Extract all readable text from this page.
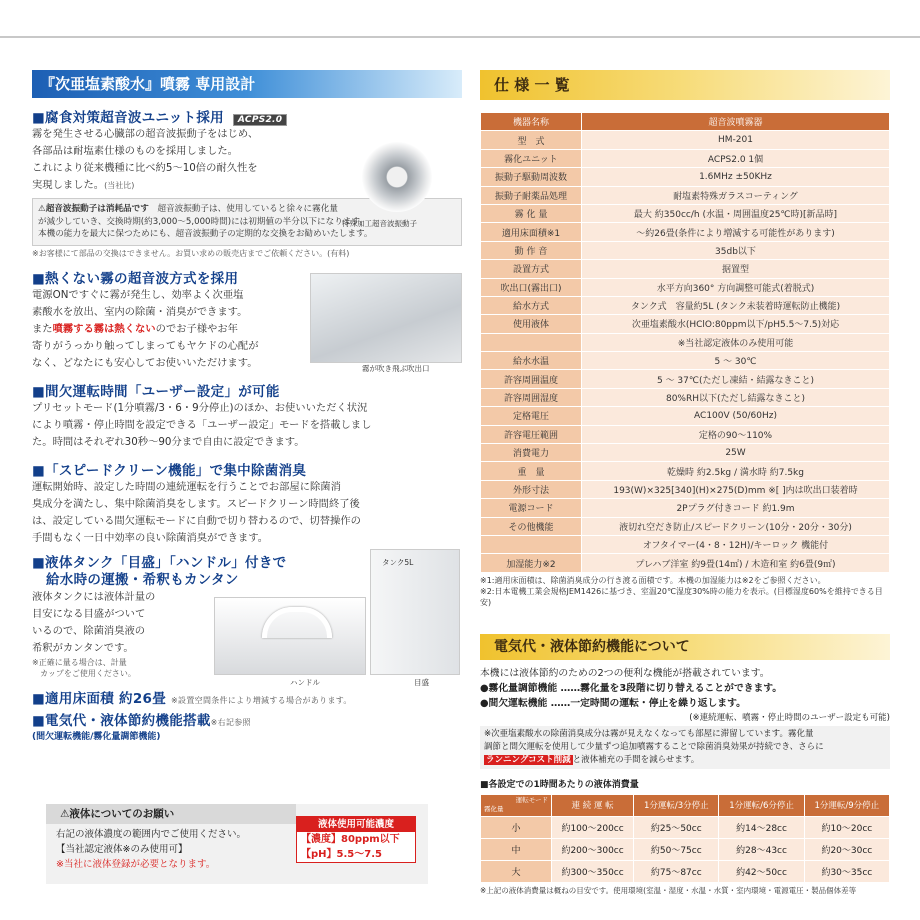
『次亜塩素酸水』噴霧 専用設計
■腐食対策超音波ユニット採用 ACPS2.0
霧を発生させる心臓部の超音波振動子をはじめ、
各部品は耐塩素仕様のものを採用しました。
これにより従来機種に比べ約5～10倍の耐久性を
実現しました。(当社比)
特殊加工超音波振動子
⚠超音波振動子は消耗品です　 超音波振動子は、使用していると徐々に霧化量
が減少していき、交換時期(約3,000～5,000時間)には初期値の半分以下になります。
本機の能力を最大に保つためにも、超音波振動子の定期的な交換をお勧めいたします。
※お客様にて部品の交換はできません。お買い求めの販売店までご依頼ください。(有料)
■熱くない霧の超音波方式を採用
電源ONですぐに霧が発生し、効率よく次亜塩
素酸水を放出、室内の除菌・消臭ができます。
また噴霧する霧は熱くないのでお子様やお年
寄りがうっかり触ってしまってもヤケドの心配が
なく、どなたにも安心してお使いいただけます。	霧が吹き飛ぶ吹出口
■間欠運転時間「ユーザー設定」が可能
プリセットモード(1分噴霧/3・6・9分停止)のほか、お使いいただく状況
により噴霧・停止時間を設定できる「ユーザー設定」モードを搭載しまし
た。時間はそれぞれ30秒～90分まで自由に設定できます。
■「スピードクリーン機能」で集中除菌消臭
運転開始時、設定した時間の連続運転を行うことでお部屋に除菌消
臭成分を満たし、集中除菌消臭をします。スピードクリーン時間終了後
は、設定している間欠運転モードに自動で切り替わるので、切替操作の
手間もなく一日中効率の良い除菌消臭ができます。
■液体タンク「目盛」「ハンドル」付きで
給水時の運搬・希釈もカンタン
液体タンクには液体計量の
目安になる目盛がついて
いるので、除菌消臭液の
希釈がカンタンです。
※正確に量る場合は、計量
カップをご使用ください。
タンク5L
ハンドル	目盛
■適用床面積 約26畳 ※設置空間条件により増減する場合があります。
■電気代・液体節約機能搭載※右記参照
(間欠運転機能/霧化量調節機能)
⚠液体についてのお願い
右記の液体濃度の範囲内でご使用ください。
【当社認定液体※のみ使用可】
※当社に液体登録が必要となります。
液体使用可能濃度
【濃度】80ppm以下
【pH】5.5～7.5
仕 様 一 覧
機器名称	超音波噴霧器
型　式	HM-201
霧化ユニット	ACPS2.0 1個
振動子駆動周波数	1.6MHz ±50KHz
振動子耐薬品処理	耐塩素特殊ガラスコーティング
霧 化 量	最大 約350cc/h (水温・周囲温度25℃時)[新品時]
適用床面積※1	～約26畳(条件により増減する可能性があります)
動 作 音	35db以下
設置方式	据置型
吹出口(霧出口)	水平方向360° 方向調整可能式(着脱式)
給水方式	タンク式　容量約5L (タンク未装着時運転防止機能)
使用液体	次亜塩素酸水(HClO:80ppm以下/pH5.5～7.5)対応
	※当社認定液体のみ使用可能
給水水温	5 ～ 30℃
許容周囲温度	5 ～ 37℃(ただし凍結・結露なきこと)
許容周囲湿度	80%RH以下(ただし結露なきこと)
定格電圧	AC100V (50/60Hz)
許容電圧範囲	定格の90～110%
消費電力	25W
重　量	乾燥時 約2.5kg / 満水時 約7.5kg
外形寸法	193(W)×325[340](H)×275(D)mm ※[ ]内は吹出口装着時
電源コード	2Pプラグ付きコード 約1.9m
その他機能	液切れ空だき防止/スピードクリーン(10分・20分・30分)
	オフタイマー(4・8・12H)/キーロック 機能付
加湿能力※2	プレハブ洋室 約9畳(14㎡) / 木造和室 約6畳(9㎡)
※1:適用床面積は、除菌消臭成分の行き渡る面積です。本機の加湿能力は※2をご参照ください。
※2:日本電機工業会規格JEM1426に基づき、室温20℃湿度30%時の能力を表示。(目標湿度60%を維持できる目安)
電気代・液体節約機能について
本機には液体節約のための2つの便利な機能が搭載されています。
●霧化量調節機能 ……霧化量を3段階に切り替えることができます。
●間欠運転機能 ……一定時間の運転・停止を繰り返します。
(※連続運転、噴霧・停止時間のユーザー設定も可能)
※次亜塩素酸水の除菌消臭成分は霧が見えなくなっても部屋に滞留しています。霧化量
調節と間欠運転を使用して少量ずつ追加噴霧することで除菌消臭効果が持続でき、さらに
ランニングコスト削減 と液体補充の手間を減らせます。
■各設定での1時間あたりの液体消費量
運転モード
霧化量	連 続 運 転	1分運転/3分停止	1分運転/6分停止	1分運転/9分停止
小	約100～200cc	約25～50cc	約14～28cc	約10～20cc
中	約200～300cc	約50～75cc	約28～43cc	約20～30cc
大	約300～350cc	約75～87cc	約42～50cc	約30～35cc
※上記の液体消費量は概ねの目安です。使用環境(室温・湿度・水温・水質・室内環境・電源電圧・製品個体差等
